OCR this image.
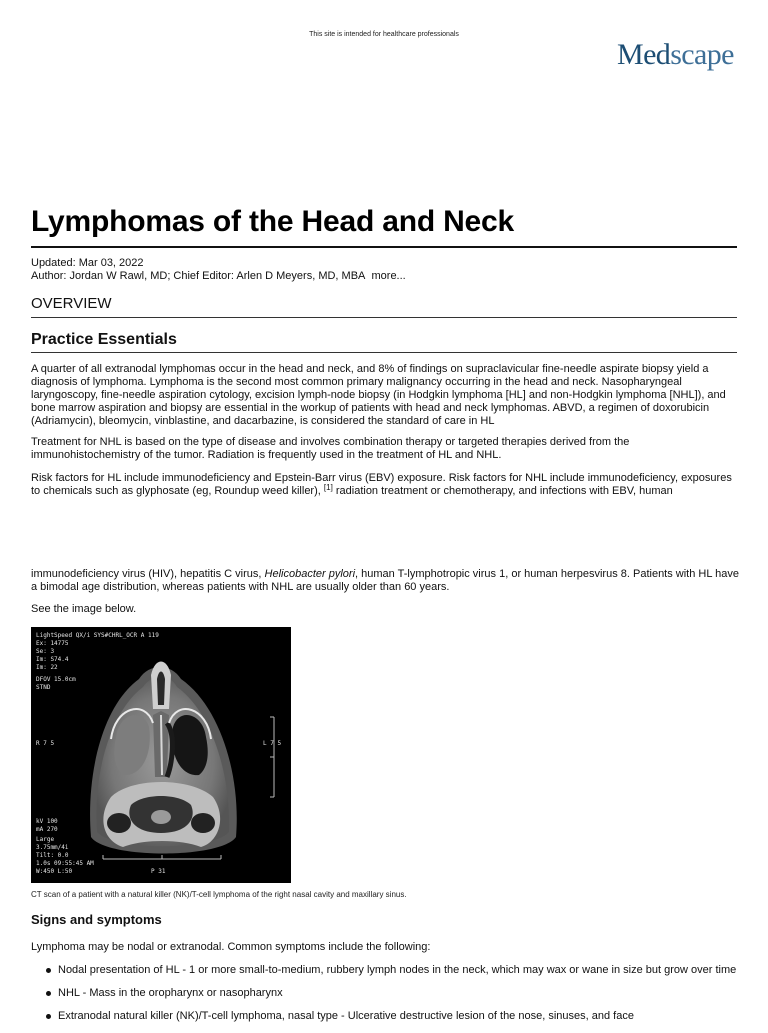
This site is intended for healthcare professionals
Medscape
Lymphomas of the Head and Neck
Updated: Mar 03, 2022
Author: Jordan W Rawl, MD; Chief Editor: Arlen D Meyers, MD, MBA more...
OVERVIEW
Practice Essentials

A quarter of all extranodal lymphomas occur in the head and neck, and 8% of findings on supraclavicular fine-needle aspirate biopsy yield a diagnosis of lymphoma. Lymphoma is the second most common primary malignancy occurring in the head and neck. Nasopharyngeal laryngoscopy, fine-needle aspiration cytology, excision lymph-node biopsy (in Hodgkin lymphoma [HL] and non-Hodgkin lymphoma [NHL]), and bone marrow aspiration and biopsy are essential in the workup of patients with head and neck lymphomas. ABVD, a regimen of doxorubicin (Adriamycin), bleomycin, vinblastine, and dacarbazine, is considered the standard of care in HL

Treatment for NHL is based on the type of disease and involves combination therapy or targeted therapies derived from the immunohistochemistry of the tumor. Radiation is frequently used in the treatment of HL and NHL.

Risk factors for HL include immunodeficiency and Epstein-Barr virus (EBV) exposure. Risk factors for NHL include immunodeficiency, exposures to chemicals such as glyphosate (eg, Roundup weed killer), [1] radiation treatment or chemotherapy, and infections with EBV, human

immunodeficiency virus (HIV), hepatitis C virus, Helicobacter pylori, human T-lymphotropic virus 1, or human herpesvirus 8. Patients with HL have a bimodal age distribution, whereas patients with NHL are usually older than 60 years.

See the image below.

LightSpeed QX/i SYS#CHRL_OCR A 119
Ex: 14775
Se: 3
Im: S74.4
Im: 22
DFOV 15.0cm
STND
R 7 5	L 7 5
kV 100
mA 270
Large
3.75mm/4i
Tilt: 0.0
1.0s 09:55:45 AM
W:450 L:50	P 31
CT scan of a patient with a natural killer (NK)/T-cell lymphoma of the right nasal cavity and maxillary sinus.
Signs and symptoms

Lymphoma may be nodal or extranodal. Common symptoms include the following:

Nodal presentation of HL - 1 or more small-to-medium, rubbery lymph nodes in the neck, which may wax or wane in size but grow over time
NHL - Mass in the oropharynx or nasopharynx
Extranodal natural killer (NK)/T-cell lymphoma, nasal type - Ulcerative destructive lesion of the nose, sinuses, and face
